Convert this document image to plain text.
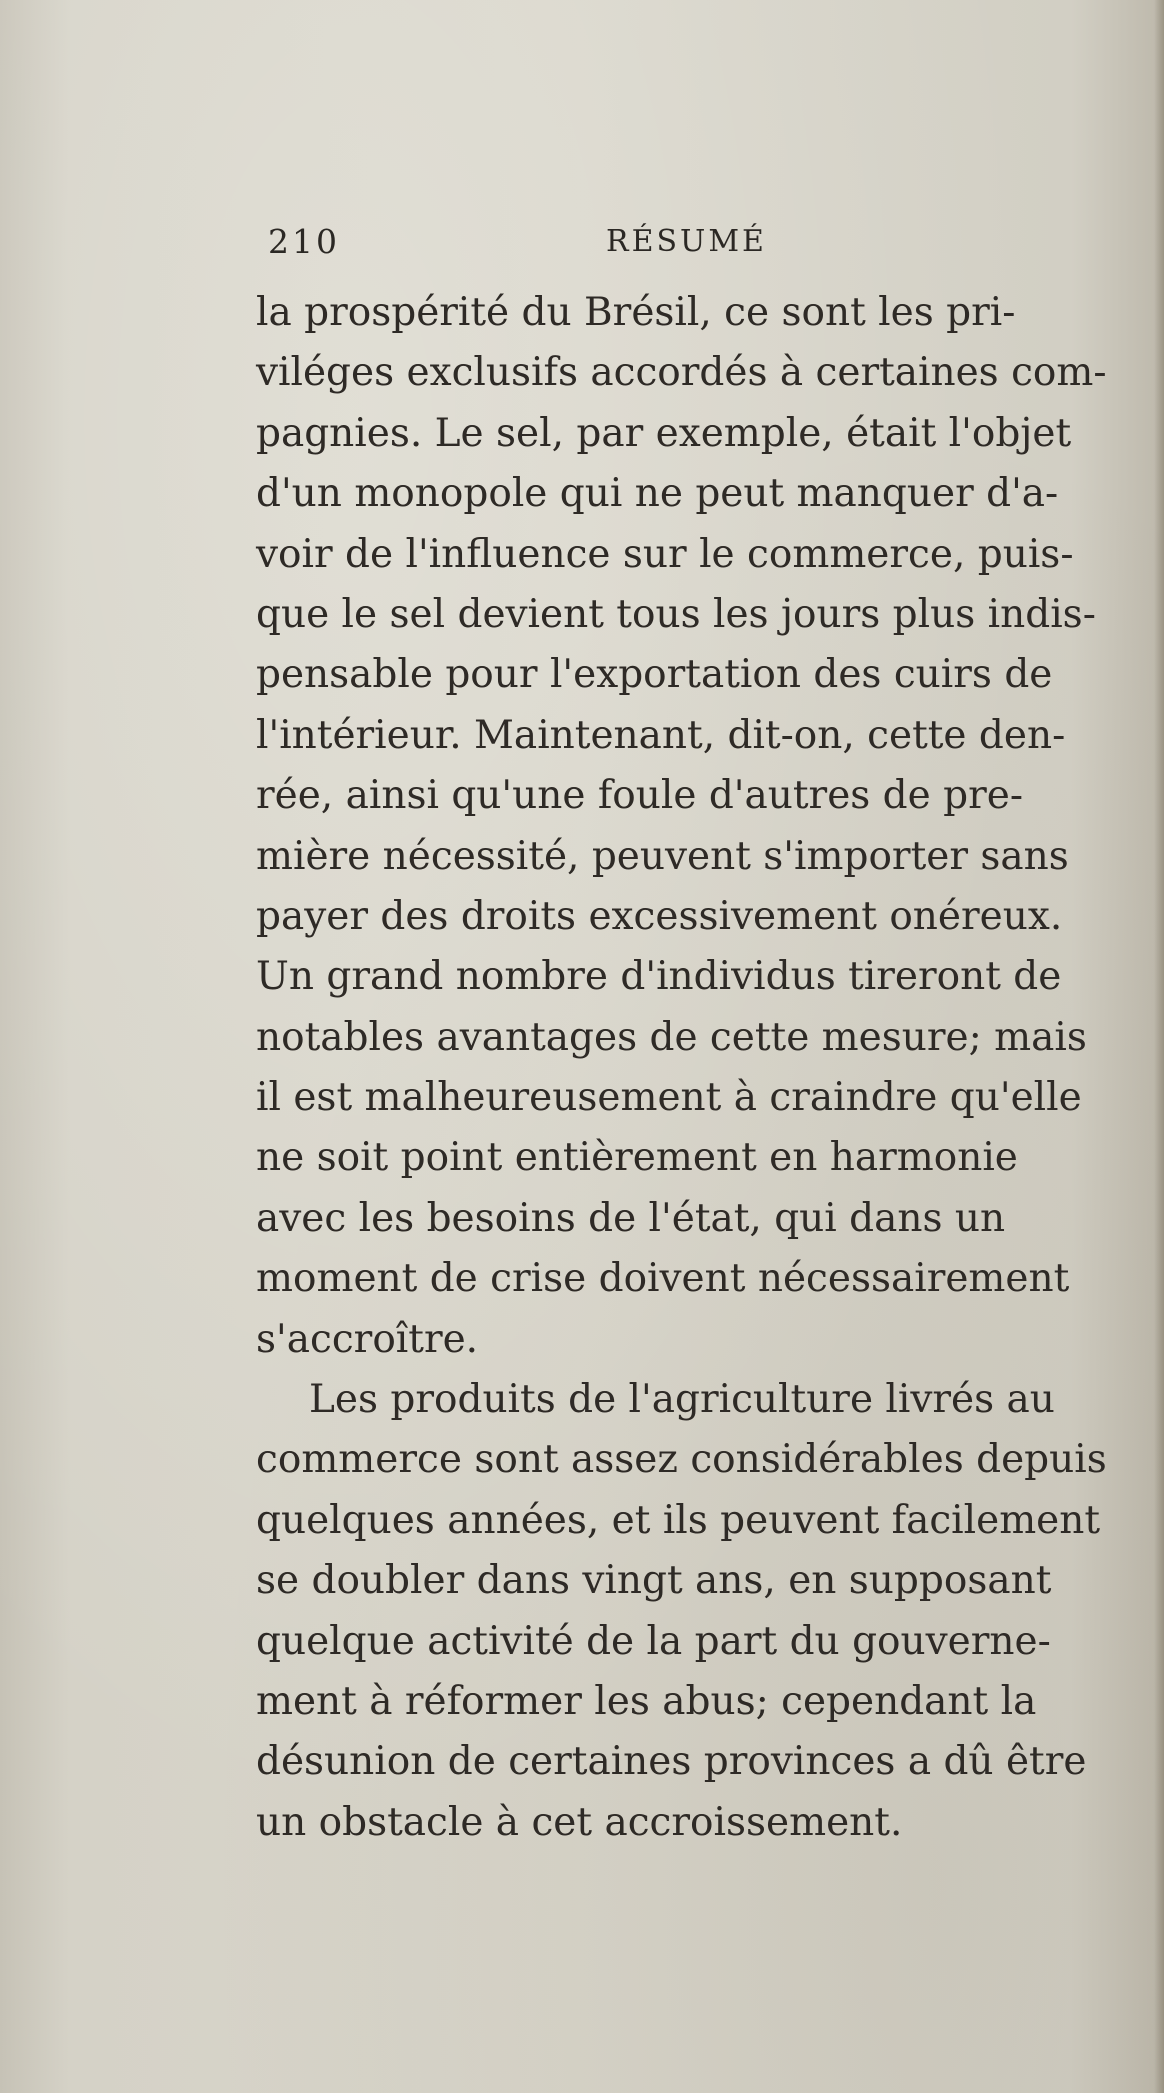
210	RÉSUMÉ
la prospérité du Brésil, ce sont les pri-
viléges exclusifs accordés à certaines com-
pagnies. Le sel, par exemple, était l'objet
d'un monopole qui ne peut manquer d'a-
voir de l'influence sur le commerce, puis-
que le sel devient tous les jours plus indis-
pensable pour l'exportation des cuirs de
l'intérieur. Maintenant, dit-on, cette den-
rée, ainsi qu'une foule d'autres de pre-
mière nécessité, peuvent s'importer sans
payer des droits excessivement onéreux.
Un grand nombre d'individus tireront de
notables avantages de cette mesure; mais
il est malheureusement à craindre qu'elle
ne soit point entièrement en harmonie
avec les besoins de l'état, qui dans un
moment de crise doivent nécessairement
s'accroître.
Les produits de l'agriculture livrés au
commerce sont assez considérables depuis
quelques années, et ils peuvent facilement
se doubler dans vingt ans, en supposant
quelque activité de la part du gouverne-
ment à réformer les abus; cependant la
désunion de certaines provinces a dû être
un obstacle à cet accroissement.
